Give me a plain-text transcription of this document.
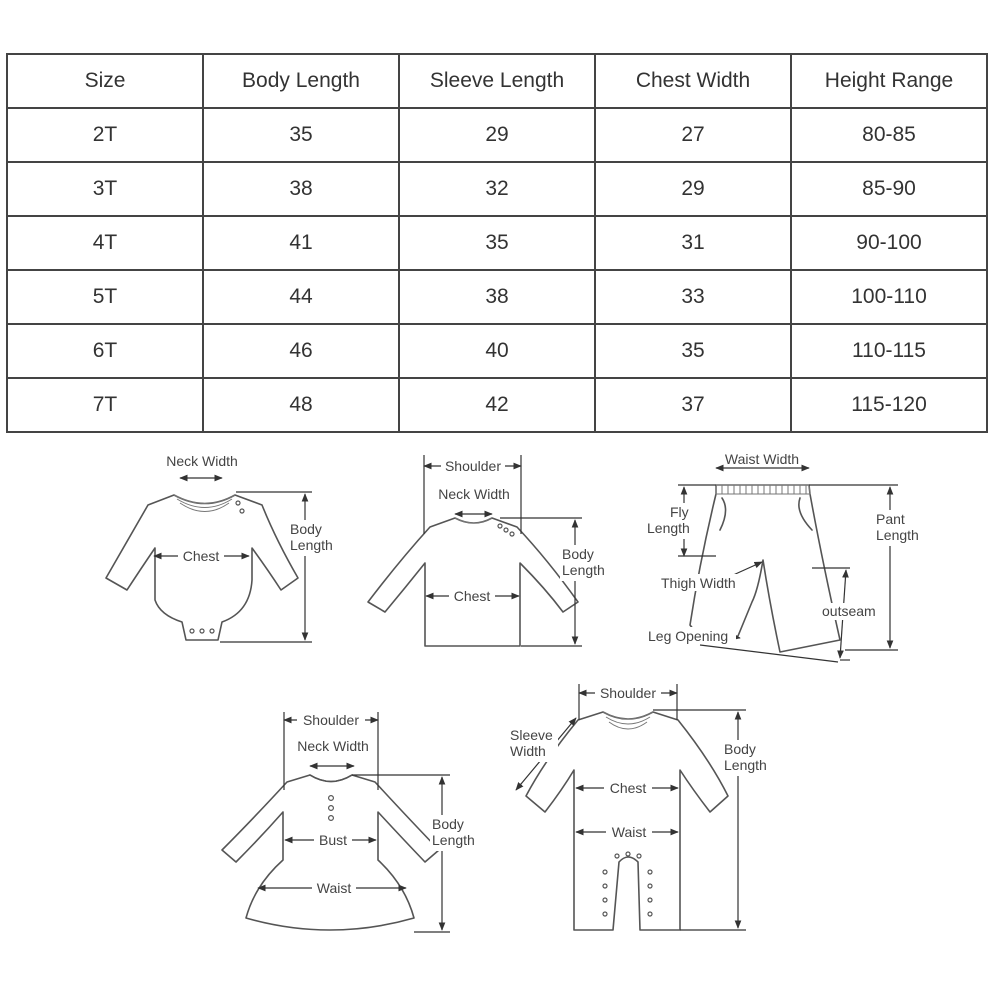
Size	Body Length	Sleeve Length	Chest Width	Height Range
2T	35	29	27	80-85
3T	38	32	29	85-90
4T	41	35	31	90-100
5T	44	38	33	100-110
6T	46	40	35	110-115
7T	48	42	37	115-120
Neck Width
Chest
Body
Length
Shoulder
Neck Width
Chest
Body
Length
Waist Width
Pant
Length
Fly
Length
Thigh Width
outseam
Leg Opening
Shoulder
Neck Width
Bust
Waist
Body
Length
Shoulder
Sleeve
Width
Chest
Waist
Body
Length
